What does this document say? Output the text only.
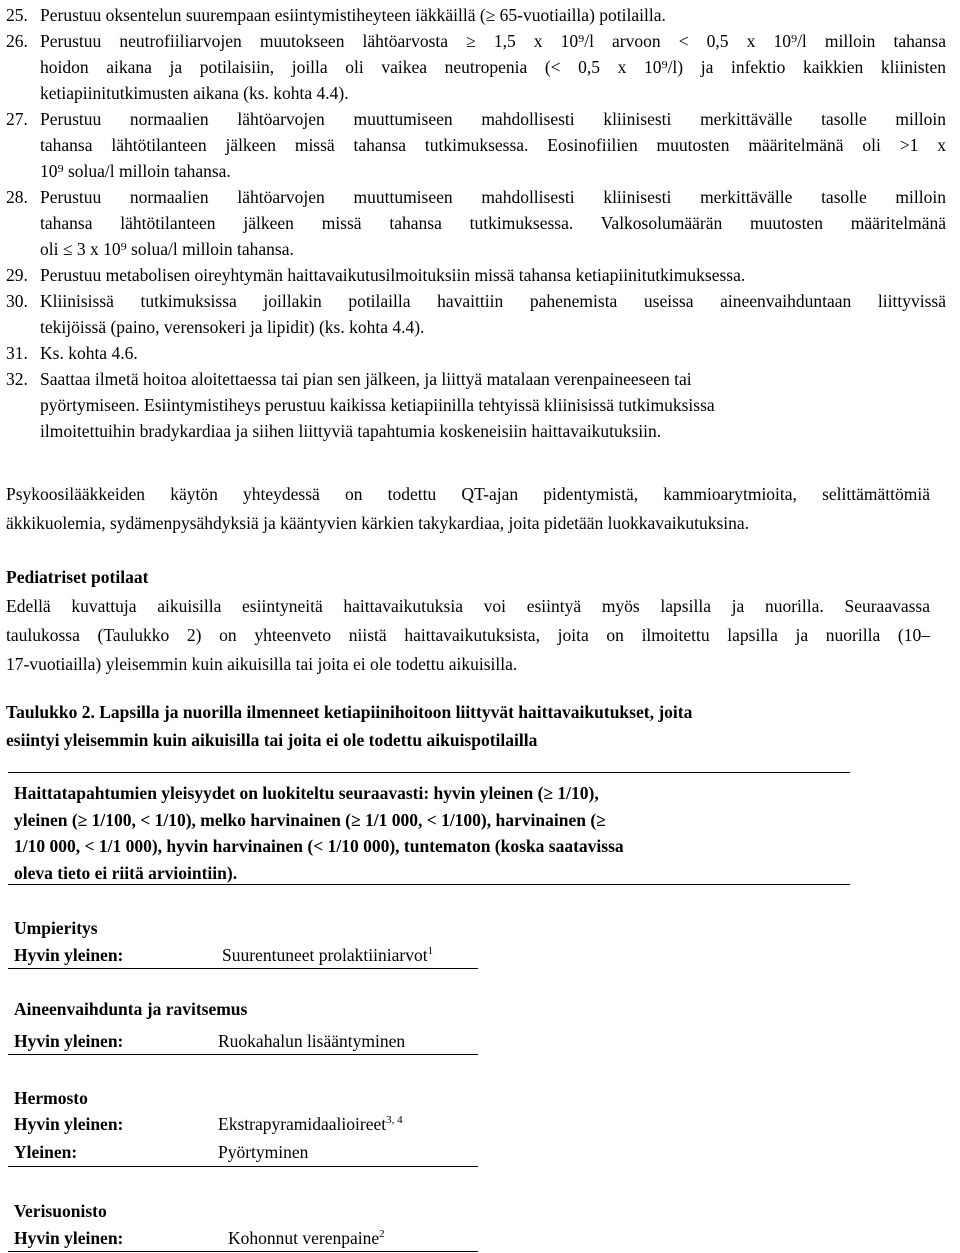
25. Perustuu oksentelun suurempaan esiintymistiheyteen iäkkäillä (≥ 65-vuotiailla) potilailla.
26. Perustuu neutrofiiliarvojen muutokseen lähtöarvosta ≥ 1,5 x 10⁹/l arvoon < 0,5 x 10⁹/l milloin tahansa
hoidon aikana ja potilaisiin, joilla oli vaikea neutropenia (< 0,5 x 10⁹/l) ja infektio kaikkien kliinisten
ketiapiinitutkimusten aikana (ks. kohta 4.4).
27. Perustuu normaalien lähtöarvojen muuttumiseen mahdollisesti kliinisesti merkittävälle tasolle milloin
tahansa lähtötilanteen jälkeen missä tahansa tutkimuksessa. Eosinofiilien muutosten määritelmänä oli >1 x
10⁹ solua/l milloin tahansa.
28. Perustuu normaalien lähtöarvojen muuttumiseen mahdollisesti kliinisesti merkittävälle tasolle milloin
tahansa lähtötilanteen jälkeen missä tahansa tutkimuksessa. Valkosolumäärän muutosten määritelmänä
oli ≤ 3 x 10⁹ solua/l milloin tahansa.
29. Perustuu metabolisen oireyhtymän haittavaikutusilmoituksiin missä tahansa ketiapiinitutkimuksessa.
30. Kliinisissä tutkimuksissa joillakin potilailla havaittiin pahenemista useissa aineenvaihduntaan liittyvissä
tekijöissä (paino, verensokeri ja lipidit) (ks. kohta 4.4).
31. Ks. kohta 4.6.
32. Saattaa ilmetä hoitoa aloitettaessa tai pian sen jälkeen, ja liittyä matalaan verenpaineeseen tai
pyörtymiseen. Esiintymistiheys perustuu kaikissa ketiapiinilla tehtyissä kliinisissä tutkimuksissa
ilmoitettuihin bradykardiaa ja siihen liittyviä tapahtumia koskeneisiin haittavaikutuksiin.
Psykoosilääkkeiden käytön yhteydessä on todettu QT-ajan pidentymistä, kammioarytmioita, selittämättömiä
äkkikuolemia, sydämenpysähdyksiä ja kääntyvien kärkien takykardiaa, joita pidetään luokkavaikutuksina.
Pediatriset potilaat
Edellä kuvattuja aikuisilla esiintyneitä haittavaikutuksia voi esiintyä myös lapsilla ja nuorilla. Seuraavassa
taulukossa (Taulukko 2) on yhteenveto niistä haittavaikutuksista, joita on ilmoitettu lapsilla ja nuorilla (10–
17-vuotiailla) yleisemmin kuin aikuisilla tai joita ei ole todettu aikuisilla.
Taulukko 2. Lapsilla ja nuorilla ilmenneet ketiapiinihoitoon liittyvät haittavaikutukset, joita
esiintyi yleisemmin kuin aikuisilla tai joita ei ole todettu aikuispotilailla
Haittatapahtumien yleisyydet on luokiteltu seuraavasti: hyvin yleinen (≥ 1/10),
yleinen (≥ 1/100, < 1/10), melko harvinainen (≥ 1/1 000, < 1/100), harvinainen (≥
1/10 000, < 1/1 000), hyvin harvinainen (< 1/10 000), tuntematon (koska saatavissa
oleva tieto ei riitä arviointiin).
Umpieritys
Hyvin yleinen:	Suurentuneet prolaktiiniarvot$^1$
Aineenvaihdunta ja ravitsemus
Hyvin yleinen:	Ruokahalun lisääntyminen
Hermosto
Hyvin yleinen:	Ekstrapyramidaalioireet$^{3, 4}$
Yleinen:	Pyörtyminen
Verisuonisto
Hyvin yleinen:	Kohonnut verenpaine$^2$
